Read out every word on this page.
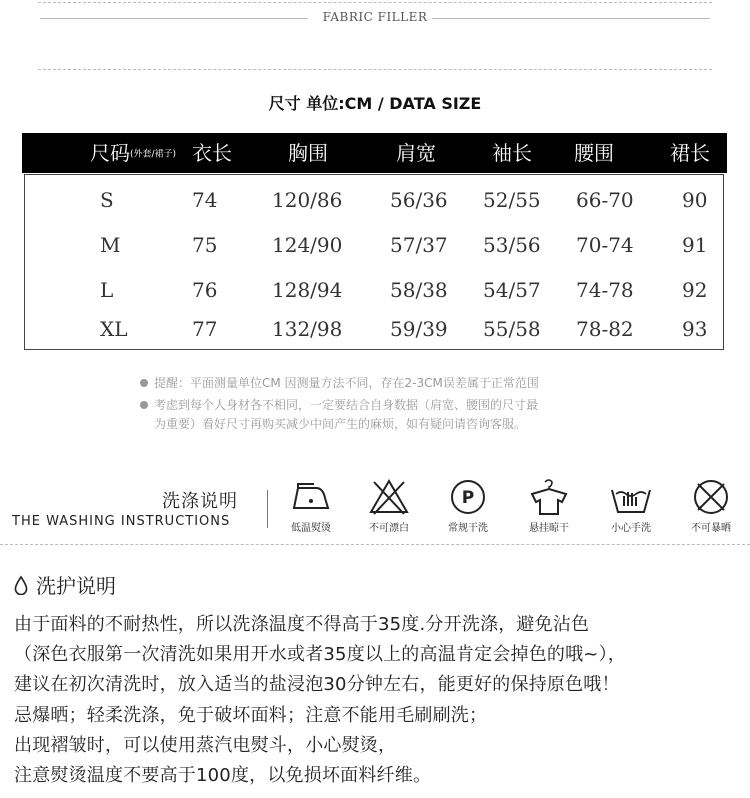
FABRIC FILLER
尺寸 单位:CM / DATA SIZE
尺码(外套/裙子) 衣长	胸围	肩宽	袖长 腰围	裙长
S	74	120/86 56/36 52/55 66-70 90
M	75	124/90 57/37 53/56 70-74 91
L	76	128/94 58/38 54/57 74-78 92
XL	77	132/98 59/39 55/58 78-82 93
提醒：平面测量单位CM 因测量方法不同，存在2-3CM误差属于正常范围
考虑到每个人身材各不相同，一定要结合自身数据（肩宽、腰围的尺寸最
为重要）看好尺寸再购买减少中间产生的麻烦，如有疑问请咨询客服。
洗涤说明
THE WASHING INSTRUCTIONS	低温熨烫	不可漂白
P
常规干洗	悬挂晾干	小心手洗	不可暴晒
洗护说明
由于面料的不耐热性，所以洗涤温度不得高于35度.分开洗涤，避免沾色
（深色衣服第一次清洗如果用开水或者35度以上的高温肯定会掉色的哦~），
建议在初次清洗时，放入适当的盐浸泡30分钟左右，能更好的保持原色哦！
忌爆晒；轻柔洗涤，免于破坏面料；注意不能用毛刷刷洗；
出现褶皱时，可以使用蒸汽电熨斗，小心熨烫，
注意熨烫温度不要高于100度，以免损坏面料纤维。
